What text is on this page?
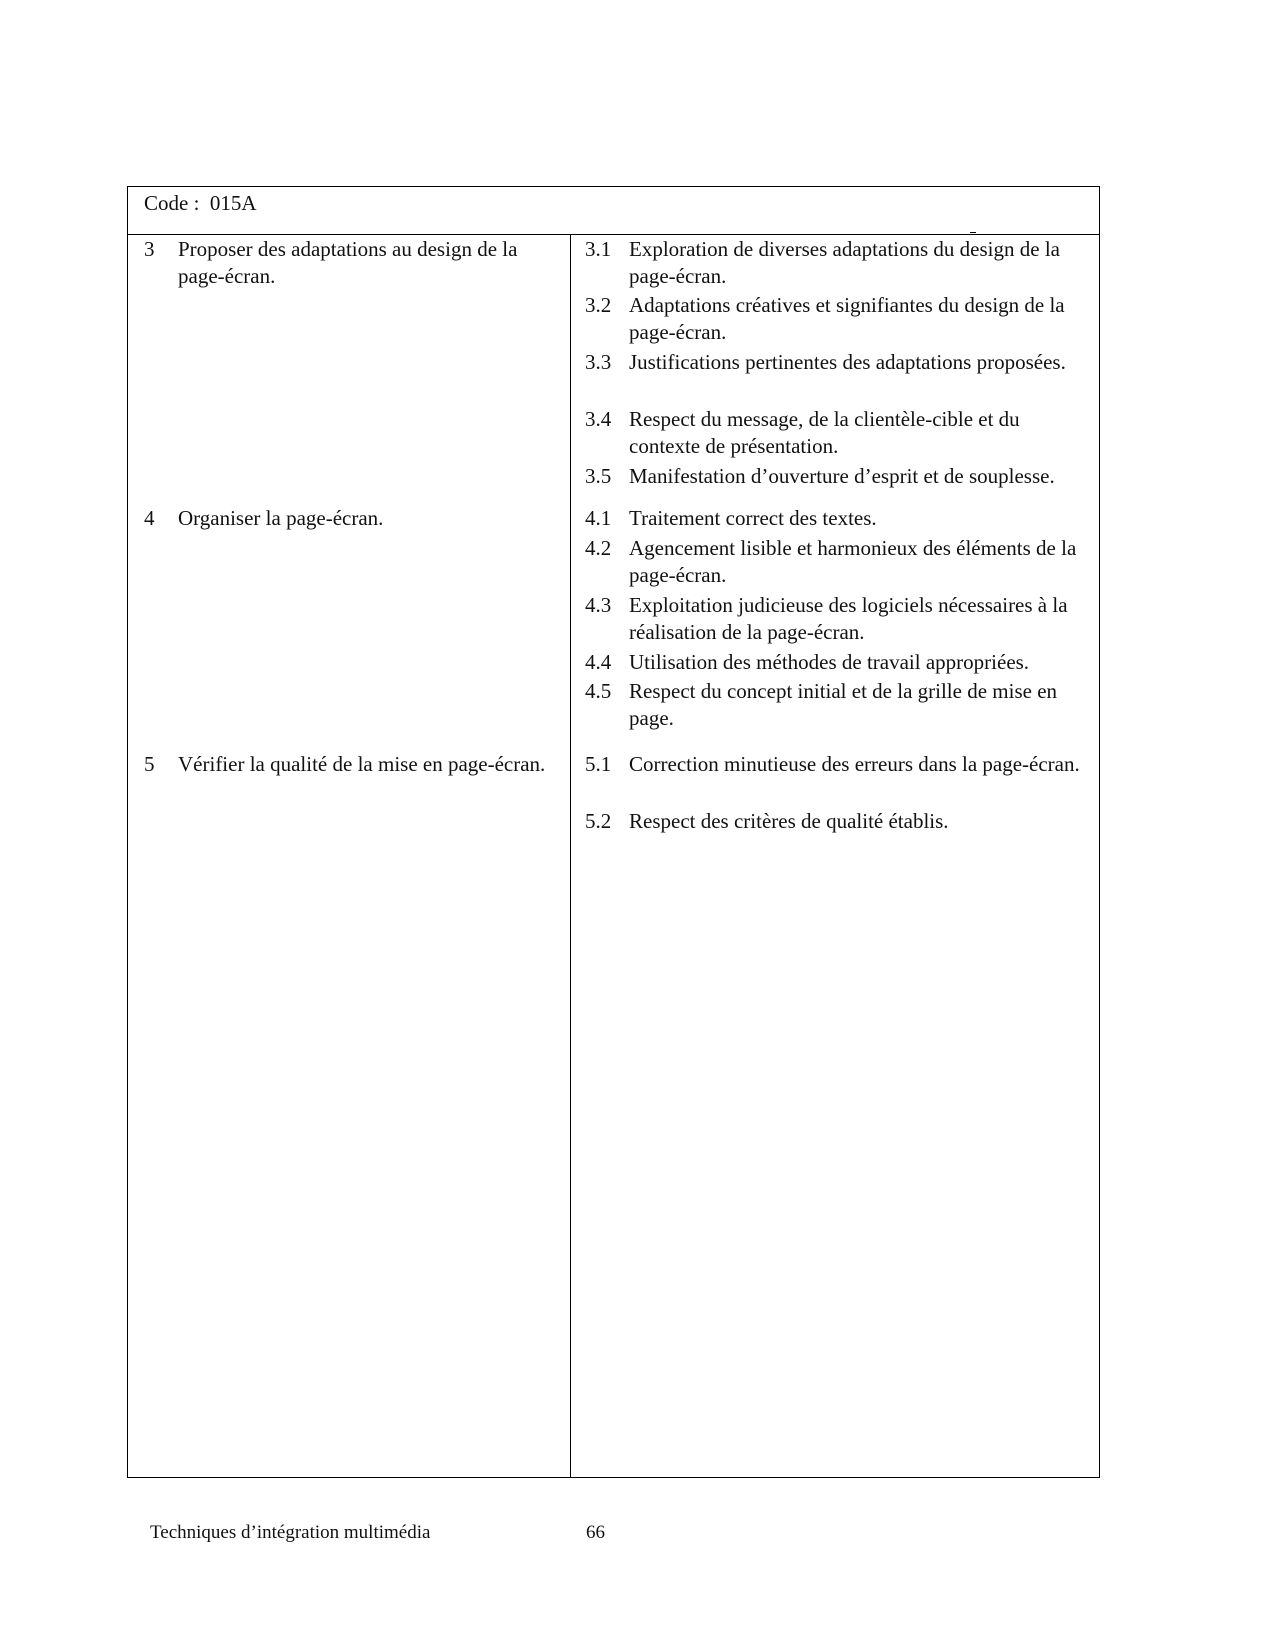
Code :  015A
3 Proposer des adaptations au design de la page-écran.
4 Organiser la page-écran.
5 Vérifier la qualité de la mise en page-écran.
3.1 Exploration de diverses adaptations du design de la page-écran.
3.2 Adaptations créatives et signifiantes du design de la page-écran.
3.3 Justifications pertinentes des adaptations proposées.
3.4 Respect du message, de la clientèle-cible et du contexte de présentation.
3.5 Manifestation d’ouverture d’esprit et de souplesse.
4.1 Traitement correct des textes.
4.2 Agencement lisible et harmonieux des éléments de la page-écran.
4.3 Exploitation judicieuse des logiciels nécessaires à la réalisation de la page-écran.
4.4 Utilisation des méthodes de travail appropriées.
4.5 Respect du concept initial et de la grille de mise en page.
5.1 Correction minutieuse des erreurs dans la page-écran.
5.2 Respect des critères de qualité établis.
Techniques d’intégration multimédia	66
